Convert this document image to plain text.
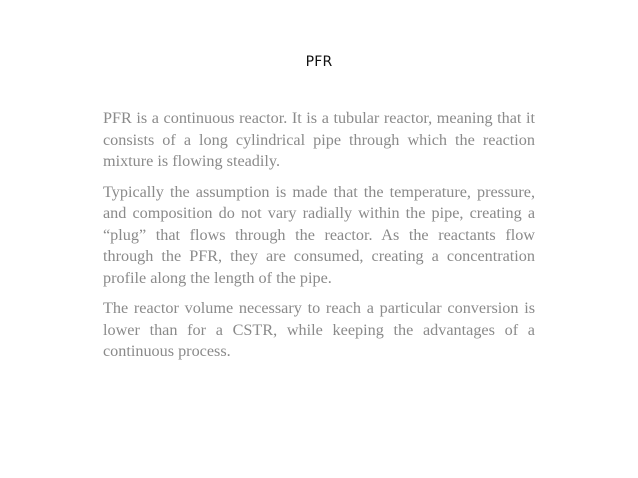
PFR

PFR is a continuous reactor. It is a tubular reactor, meaning that it consists of a long cylindrical pipe through which the reaction mixture is flowing steadily.

Typically the assumption is made that the temperature, pressure, and composition do not vary radially within the pipe, creating a “plug” that flows through the reactor. As the reactants flow through the PFR, they are consumed, creating a concentration profile along the length of the pipe.

The reactor volume necessary to reach a particular conversion is lower than for a CSTR, while keeping the advantages of a continuous process.
